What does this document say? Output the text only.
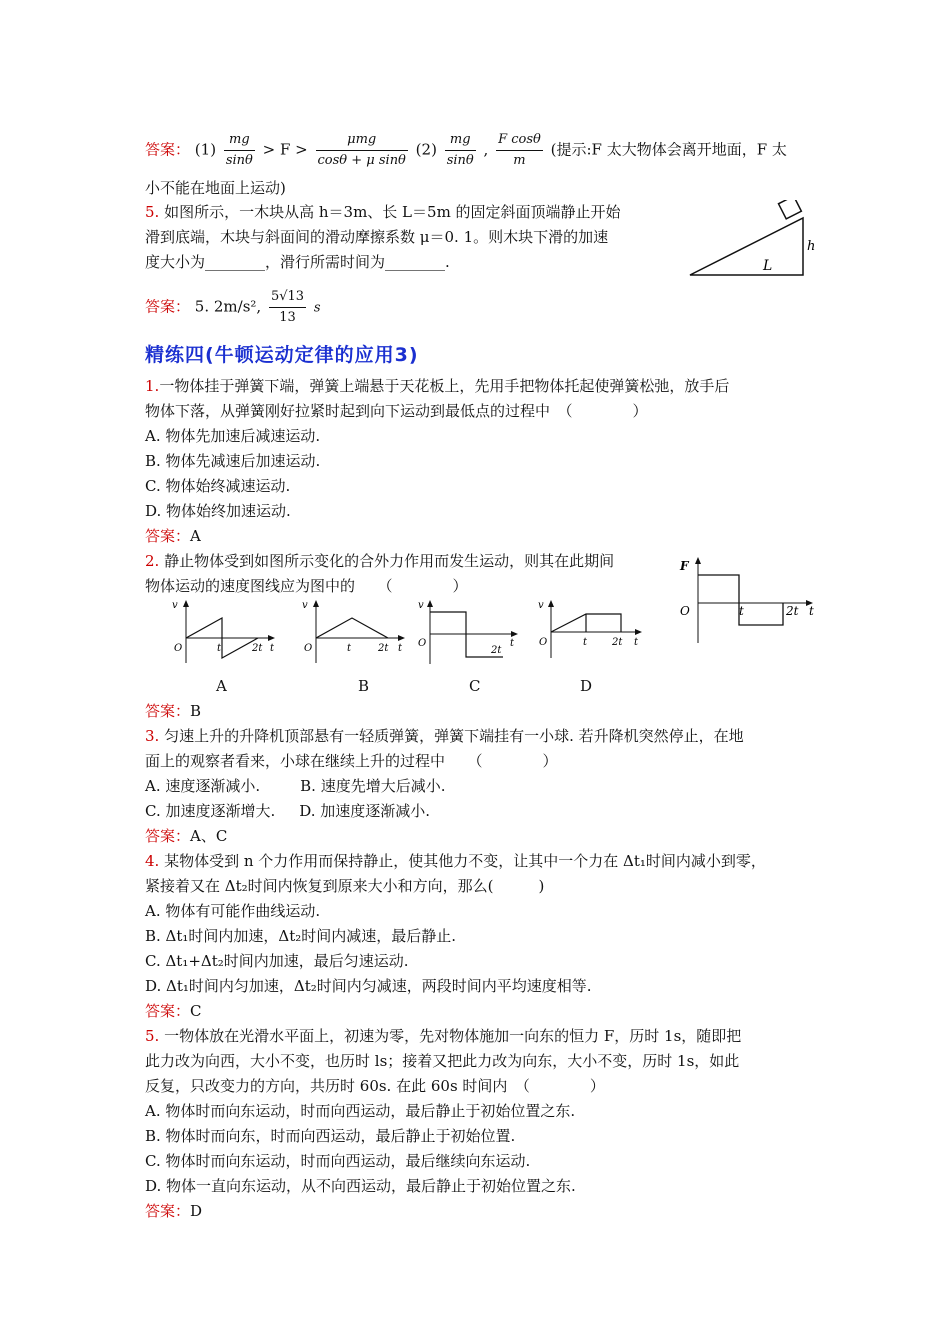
答案： $(1) \frac{mg}{\sin\theta} > F > \frac{\text{μmg}}{\text{cosθ + μ sinθ}} (2) \frac{mg}{\sin\theta}$ , $\frac{\text{F cosθ}}{m}$ (提示:F 太大物体会离开地面，F 太
小不能在地面上运动)
5. 如图所示，一木块从高 h＝3m、长 L＝5m 的固定斜面顶端静止开始
滑到底端，木块与斜面间的滑动摩擦系数 μ＝0. 1。则木块下滑的加速
度大小为________，滑行所需时间为________.
h
L
答案： 5. 2m/s², $\frac{5√13}{13}$ s
精练四(牛顿运动定律的应用3)
1.一物体挂于弹簧下端，弹簧上端悬于天花板上，先用手把物体托起使弹簧松弛，放手后
物体下落，从弹簧刚好拉紧时起到向下运动到最低点的过程中　（　　　　）
A. 物体先加速后减速运动.
B. 物体先减速后加速运动.
C. 物体始终减速运动.
D. 物体始终加速运动.
答案：A
2. 静止物体受到如图所示变化的合外力作用而发生运动，则其在此期间
物体运动的速度图线应为图中的　　（　　　　）
v
O	t	2t t
A
v
O	t	2t t
B
v
O
2t
t
C
v
O	t 2t t
D
F
O	t	2t t
答案：B
3. 匀速上升的升降机顶部悬有一轻质弹簧，弹簧下端挂有一小球. 若升降机突然停止，在地
面上的观察者看来，小球在继续上升的过程中　　（　　　　）
A. 速度逐渐减小.	B. 速度先增大后减小.
C. 加速度逐渐增大. D. 加速度逐渐减小.
答案：A、C
4. 某物体受到 n 个力作用而保持静止，使其他力不变，让其中一个力在 Δt₁时间内减小到零，
紧接着又在 Δt₂时间内恢复到原来大小和方向，那么(　　　)
A. 物体有可能作曲线运动.
B. Δt₁时间内加速，Δt₂时间内减速，最后静止.
C. Δt₁+Δt₂时间内加速，最后匀速运动.
D. Δt₁时间内匀加速，Δt₂时间内匀减速，两段时间内平均速度相等.
答案：C
5. 一物体放在光滑水平面上，初速为零，先对物体施加一向东的恒力 F，历时 1s，随即把
此力改为向西，大小不变，也历时 ls；接着又把此力改为向东，大小不变，历时 1s，如此
反复，只改变力的方向，共历时 60s. 在此 60s 时间内　（　　　　）
A. 物体时而向东运动，时而向西运动，最后静止于初始位置之东.
B. 物体时而向东，时而向西运动，最后静止于初始位置.
C. 物体时而向东运动，时而向西运动，最后继续向东运动.
D. 物体一直向东运动，从不向西运动，最后静止于初始位置之东.
答案：D
